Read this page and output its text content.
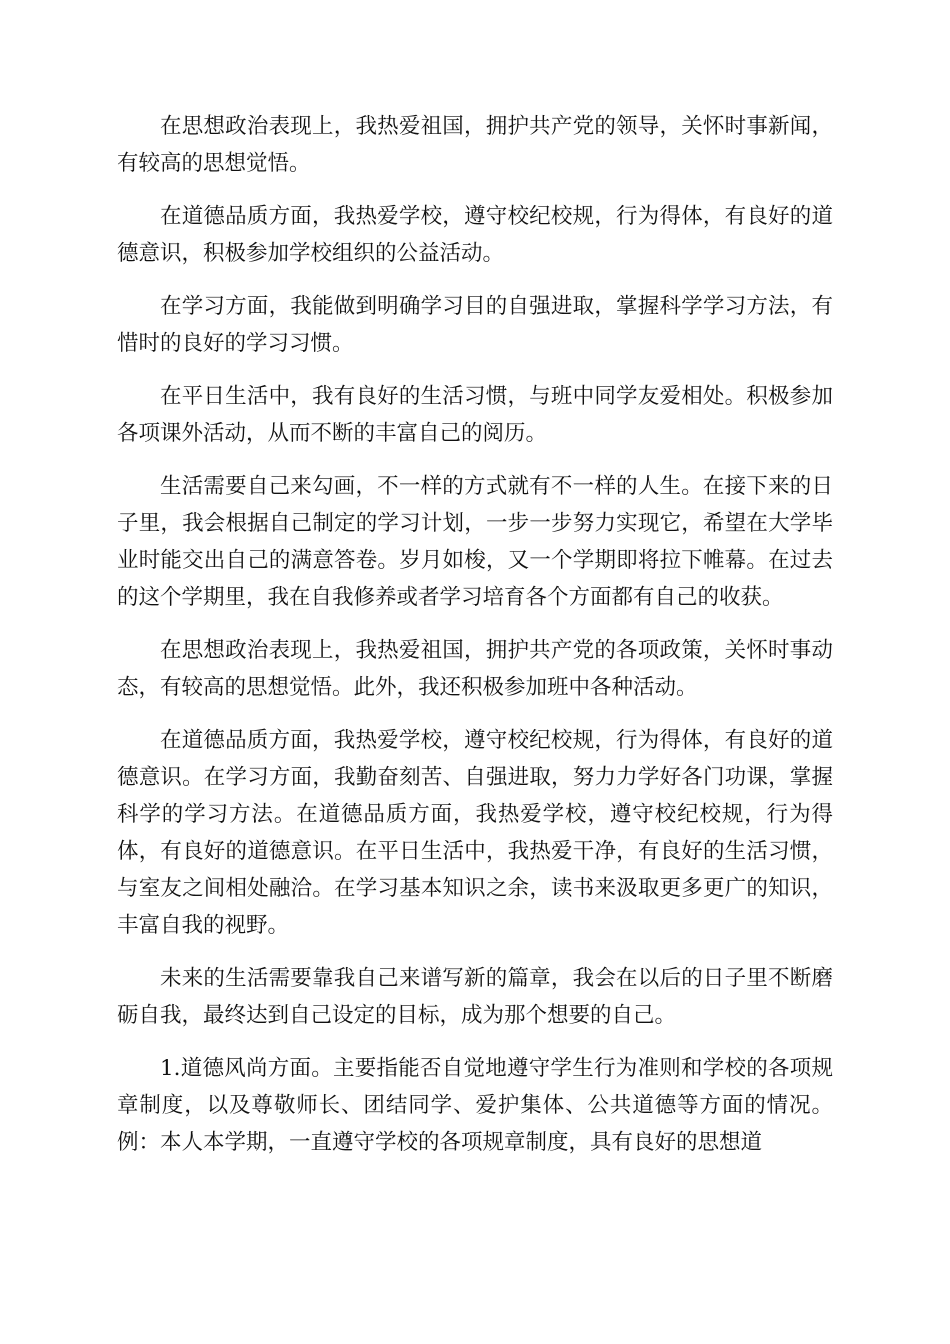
在思想政治表现上，我热爱祖国，拥护共产党的领导，关怀时事新闻，有较高的思想觉悟。

在道德品质方面，我热爱学校，遵守校纪校规，行为得体，有良好的道德意识，积极参加学校组织的公益活动。

在学习方面，我能做到明确学习目的自强进取，掌握科学学习方法，有惜时的良好的学习习惯。

在平日生活中，我有良好的生活习惯，与班中同学友爱相处。积极参加各项课外活动，从而不断的丰富自己的阅历。

生活需要自己来勾画，不一样的方式就有不一样的人生。在接下来的日子里，我会根据自己制定的学习计划，一步一步努力实现它，希望在大学毕业时能交出自己的满意答卷。岁月如梭，又一个学期即将拉下帷幕。在过去的这个学期里，我在自我修养或者学习培育各个方面都有自己的收获。

在思想政治表现上，我热爱祖国，拥护共产党的各项政策，关怀时事动态，有较高的思想觉悟。此外，我还积极参加班中各种活动。

在道德品质方面，我热爱学校，遵守校纪校规，行为得体，有良好的道德意识。在学习方面，我勤奋刻苦、自强进取，努力力学好各门功课，掌握科学的学习方法。在道德品质方面，我热爱学校，遵守校纪校规，行为得体，有良好的道德意识。在平日生活中，我热爱干净，有良好的生活习惯，与室友之间相处融洽。在学习基本知识之余，读书来汲取更多更广的知识，丰富自我的视野。

未来的生活需要靠我自己来谱写新的篇章，我会在以后的日子里不断磨砺自我，最终达到自己设定的目标，成为那个想要的自己。

1.道德风尚方面。主要指能否自觉地遵守学生行为准则和学校的各项规章制度，以及尊敬师长、团结同学、爱护集体、公共道德等方面的情况。例：本人本学期，一直遵守学校的各项规章制度，具有良好的思想道
